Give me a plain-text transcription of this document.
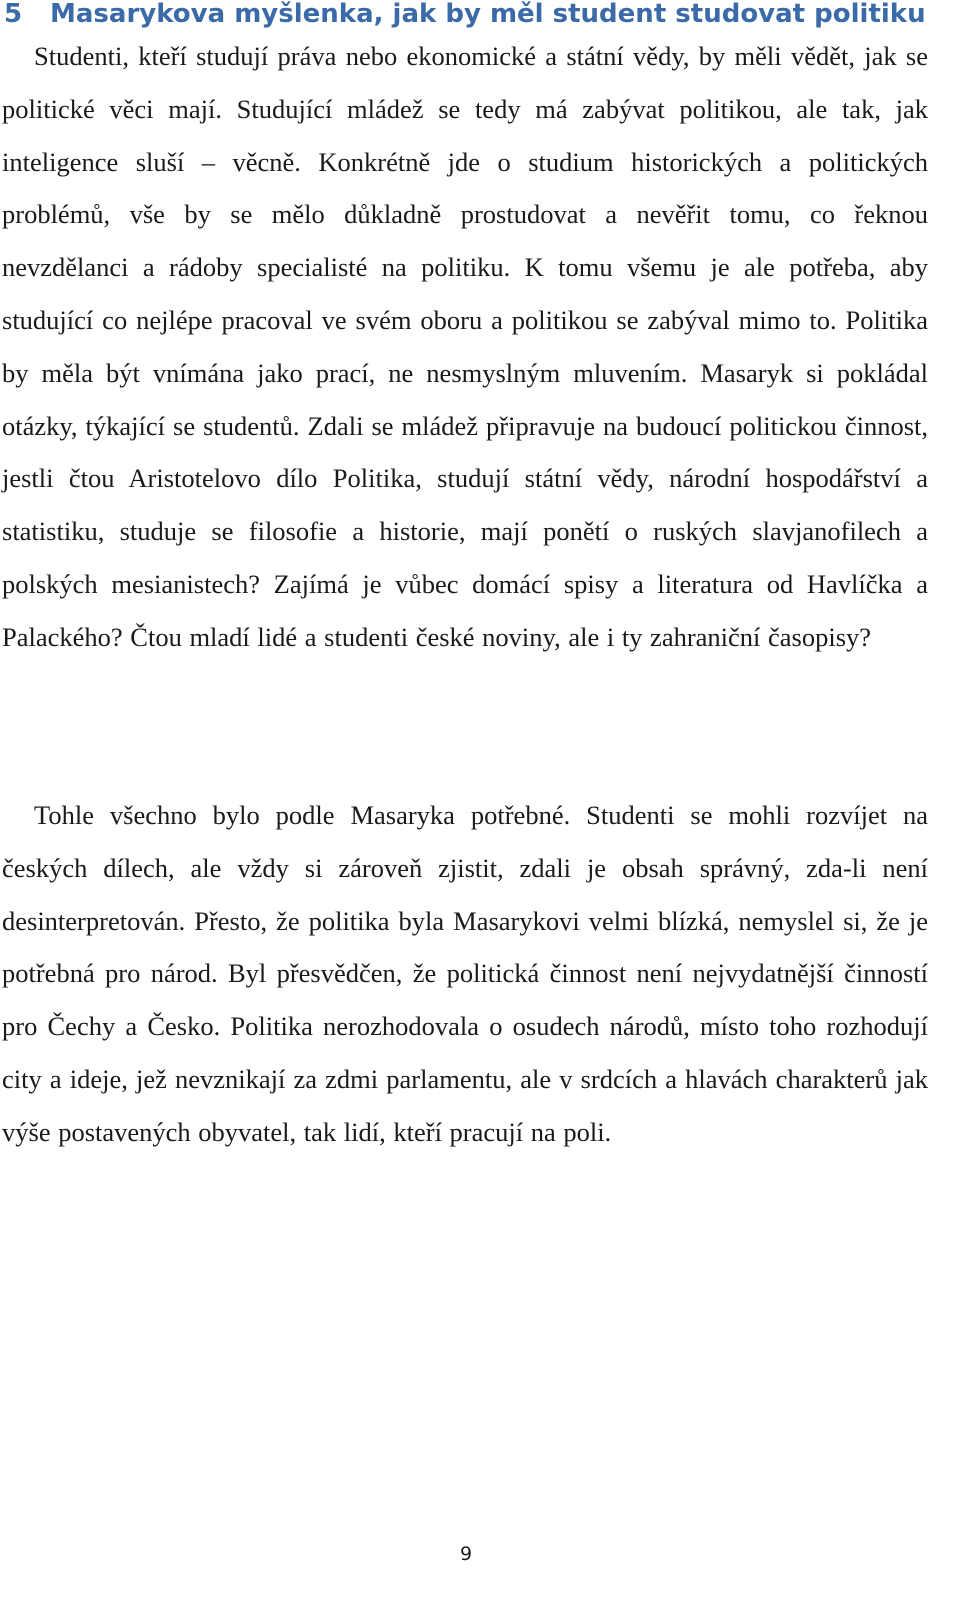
5 Masarykova myšlenka, jak by měl student studovat politiku

Studenti, kteří studují práva nebo ekonomické a státní vědy, by měli vědět, jak se politické věci mají. Studující mládež se tedy má zabývat politikou, ale tak, jak inteligence sluší – věcně. Konkrétně jde o studium historických a politických problémů, vše by se mělo důkladně prostudovat a nevěřit tomu, co řeknou nevzdělanci a rádoby specialisté na politiku. K tomu všemu je ale potřeba, aby studující co nejlépe pracoval ve svém oboru a politikou se zabýval mimo to. Politika by měla být vnímána jako prací, ne nesmyslným mluvením. Masaryk si pokládal otázky, týkající se studentů. Zdali se mládež připravuje na budoucí politickou činnost, jestli čtou Aristotelovo dílo Politika, studují státní vědy, národní hospodářství a statistiku, studuje se filosofie a historie, mají ponětí o ruských slavjanofilech a polských mesianistech? Zajímá je vůbec domácí spisy a literatura od Havlíčka a Palackého? Čtou mladí lidé a studenti české noviny, ale i ty zahraniční časopisy?

Tohle všechno bylo podle Masaryka potřebné. Studenti se mohli rozvíjet na českých dílech, ale vždy si zároveň zjistit, zdali je obsah správný, zda-li není desinterpretován. Přesto, že politika byla Masarykovi velmi blízká, nemyslel si, že je potřebná pro národ. Byl přesvědčen, že politická činnost není nejvydatnější činností pro Čechy a Česko. Politika nerozhodovala o osudech národů, místo toho rozhodují city a ideje, jež nevznikají za zdmi parlamentu, ale v srdcích a hlavách charakterů jak výše postavených obyvatel, tak lidí, kteří pracují na poli.

9
